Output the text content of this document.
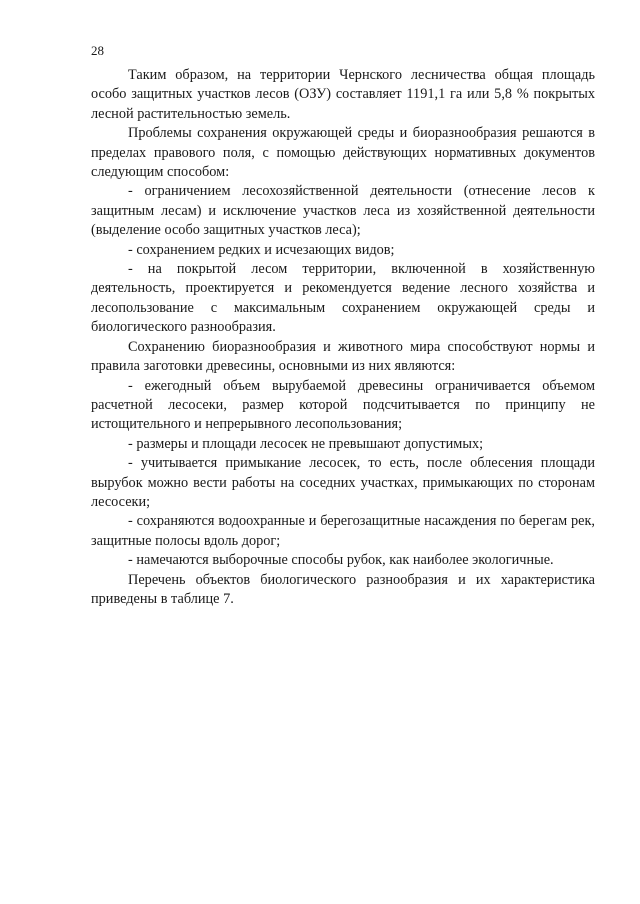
28

Таким образом, на территории Чернского лесничества общая площадь особо защитных участков лесов (ОЗУ) составляет 1191,1 га или 5,8 % покрытых лесной растительностью земель.

Проблемы сохранения окружающей среды и биоразнообразия решаются в пределах правового поля, с помощью действующих нормативных документов следующим способом:

- ограничением лесохозяйственной деятельности (отнесение лесов к защитным лесам) и исключение участков леса из хозяйственной деятельности (выделение особо защитных участков леса);

- сохранением редких и исчезающих видов;

- на покрытой лесом территории, включенной в хозяйственную деятельность, проектируется и рекомендуется ведение лесного хозяйства и лесопользование с максимальным сохранением окружающей среды и биологического разнообразия.

Сохранению биоразнообразия и животного мира способствуют нормы и правила заготовки древесины, основными из них являются:

- ежегодный объем вырубаемой древесины ограничивается объемом расчетной лесосеки, размер которой подсчитывается по принципу не истощительного и непрерывного лесопользования;

- размеры и площади лесосек не превышают допустимых;

- учитывается примыкание лесосек, то есть, после облесения площади вырубок можно вести работы на соседних участках, примыкающих по сторонам лесосеки;

- сохраняются водоохранные и берегозащитные насаждения по берегам рек, защитные полосы вдоль дорог;

- намечаются выборочные способы рубок, как наиболее экологичные.

Перечень объектов биологического разнообразия и их характеристика приведены в таблице 7.
